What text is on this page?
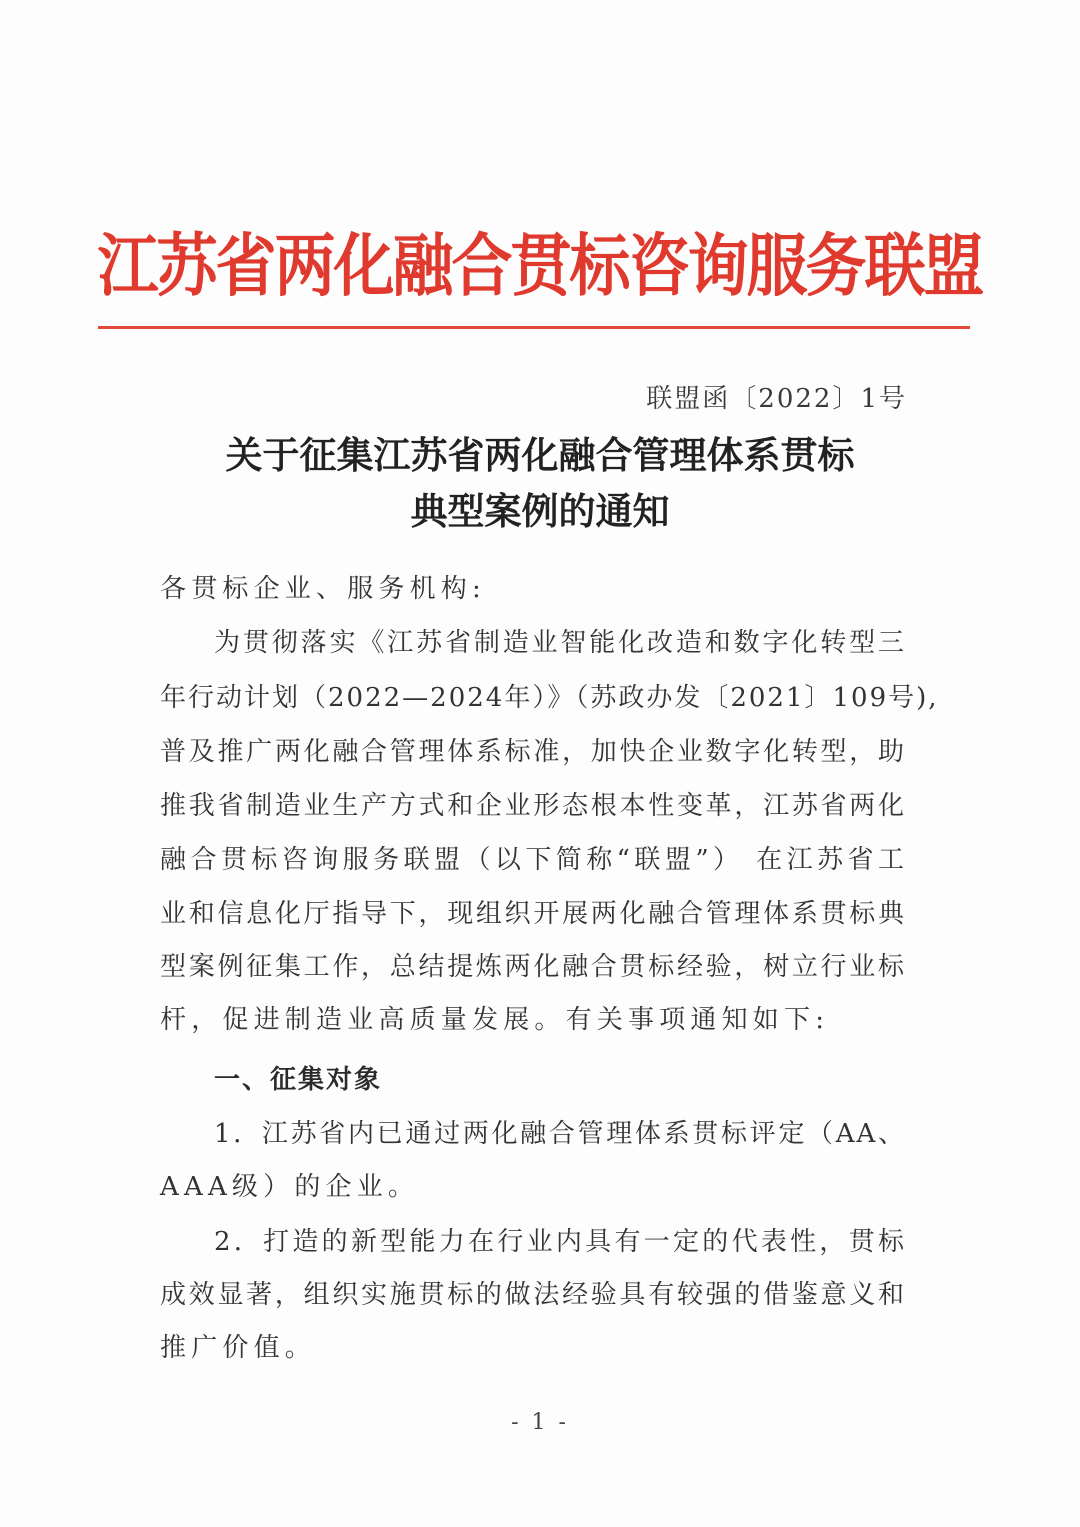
江苏省两化融合贯标咨询服务联盟
联盟函〔2022〕1号
关于征集江苏省两化融合管理体系贯标
典型案例的通知
各贯标企业、服务机构:
为贯彻落实《江苏省制造业智能化改造和数字化转型三
年行动计划（2022—2024年）》（苏政办发〔2021〕109号),
普及推广两化融合管理体系标准，加快企业数字化转型，助
推我省制造业生产方式和企业形态根本性变革，江苏省两化
融合贯标咨询服务联盟（以下简称“联盟”） 在江苏省工
业和信息化厅指导下，现组织开展两化融合管理体系贯标典
型案例征集工作，总结提炼两化融合贯标经验，树立行业标
杆，促进制造业高质量发展。有关事项通知如下:
一、征集对象
1．江苏省内已通过两化融合管理体系贯标评定（AA、
AAA级）的企业。
2．打造的新型能力在行业内具有一定的代表性，贯标
成效显著，组织实施贯标的做法经验具有较强的借鉴意义和
推广价值。
- 1 -
